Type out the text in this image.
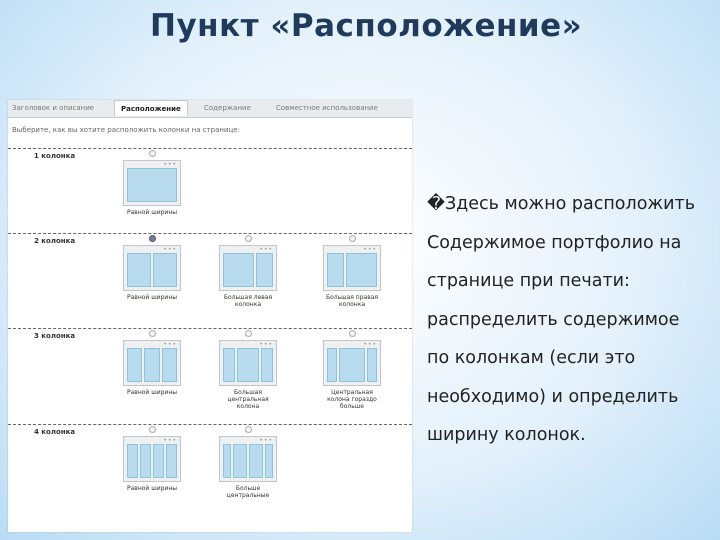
Пункт «Расположение»
Заголовок и описание	Расположение	Содержание	Совместное использование
Выберите, как вы хотите расположить колонки на странице:
1 колонка
•••
Равной ширины
2 колонка
•••
Равной ширины
•••
Большая левая колонка
•••
Большая правая колонка
3 колонка
•••
Равной ширины
•••
Большая центральная колона
•••
Центральная колона гораздо больше
4 колонка
•••
Равной ширины
•••
Больше центральные
�Здесь можно расположить
Содержимое портфолио на
странице при печати:
распределить содержимое
по колонкам (если это
необходимо) и определить
ширину колонок.
